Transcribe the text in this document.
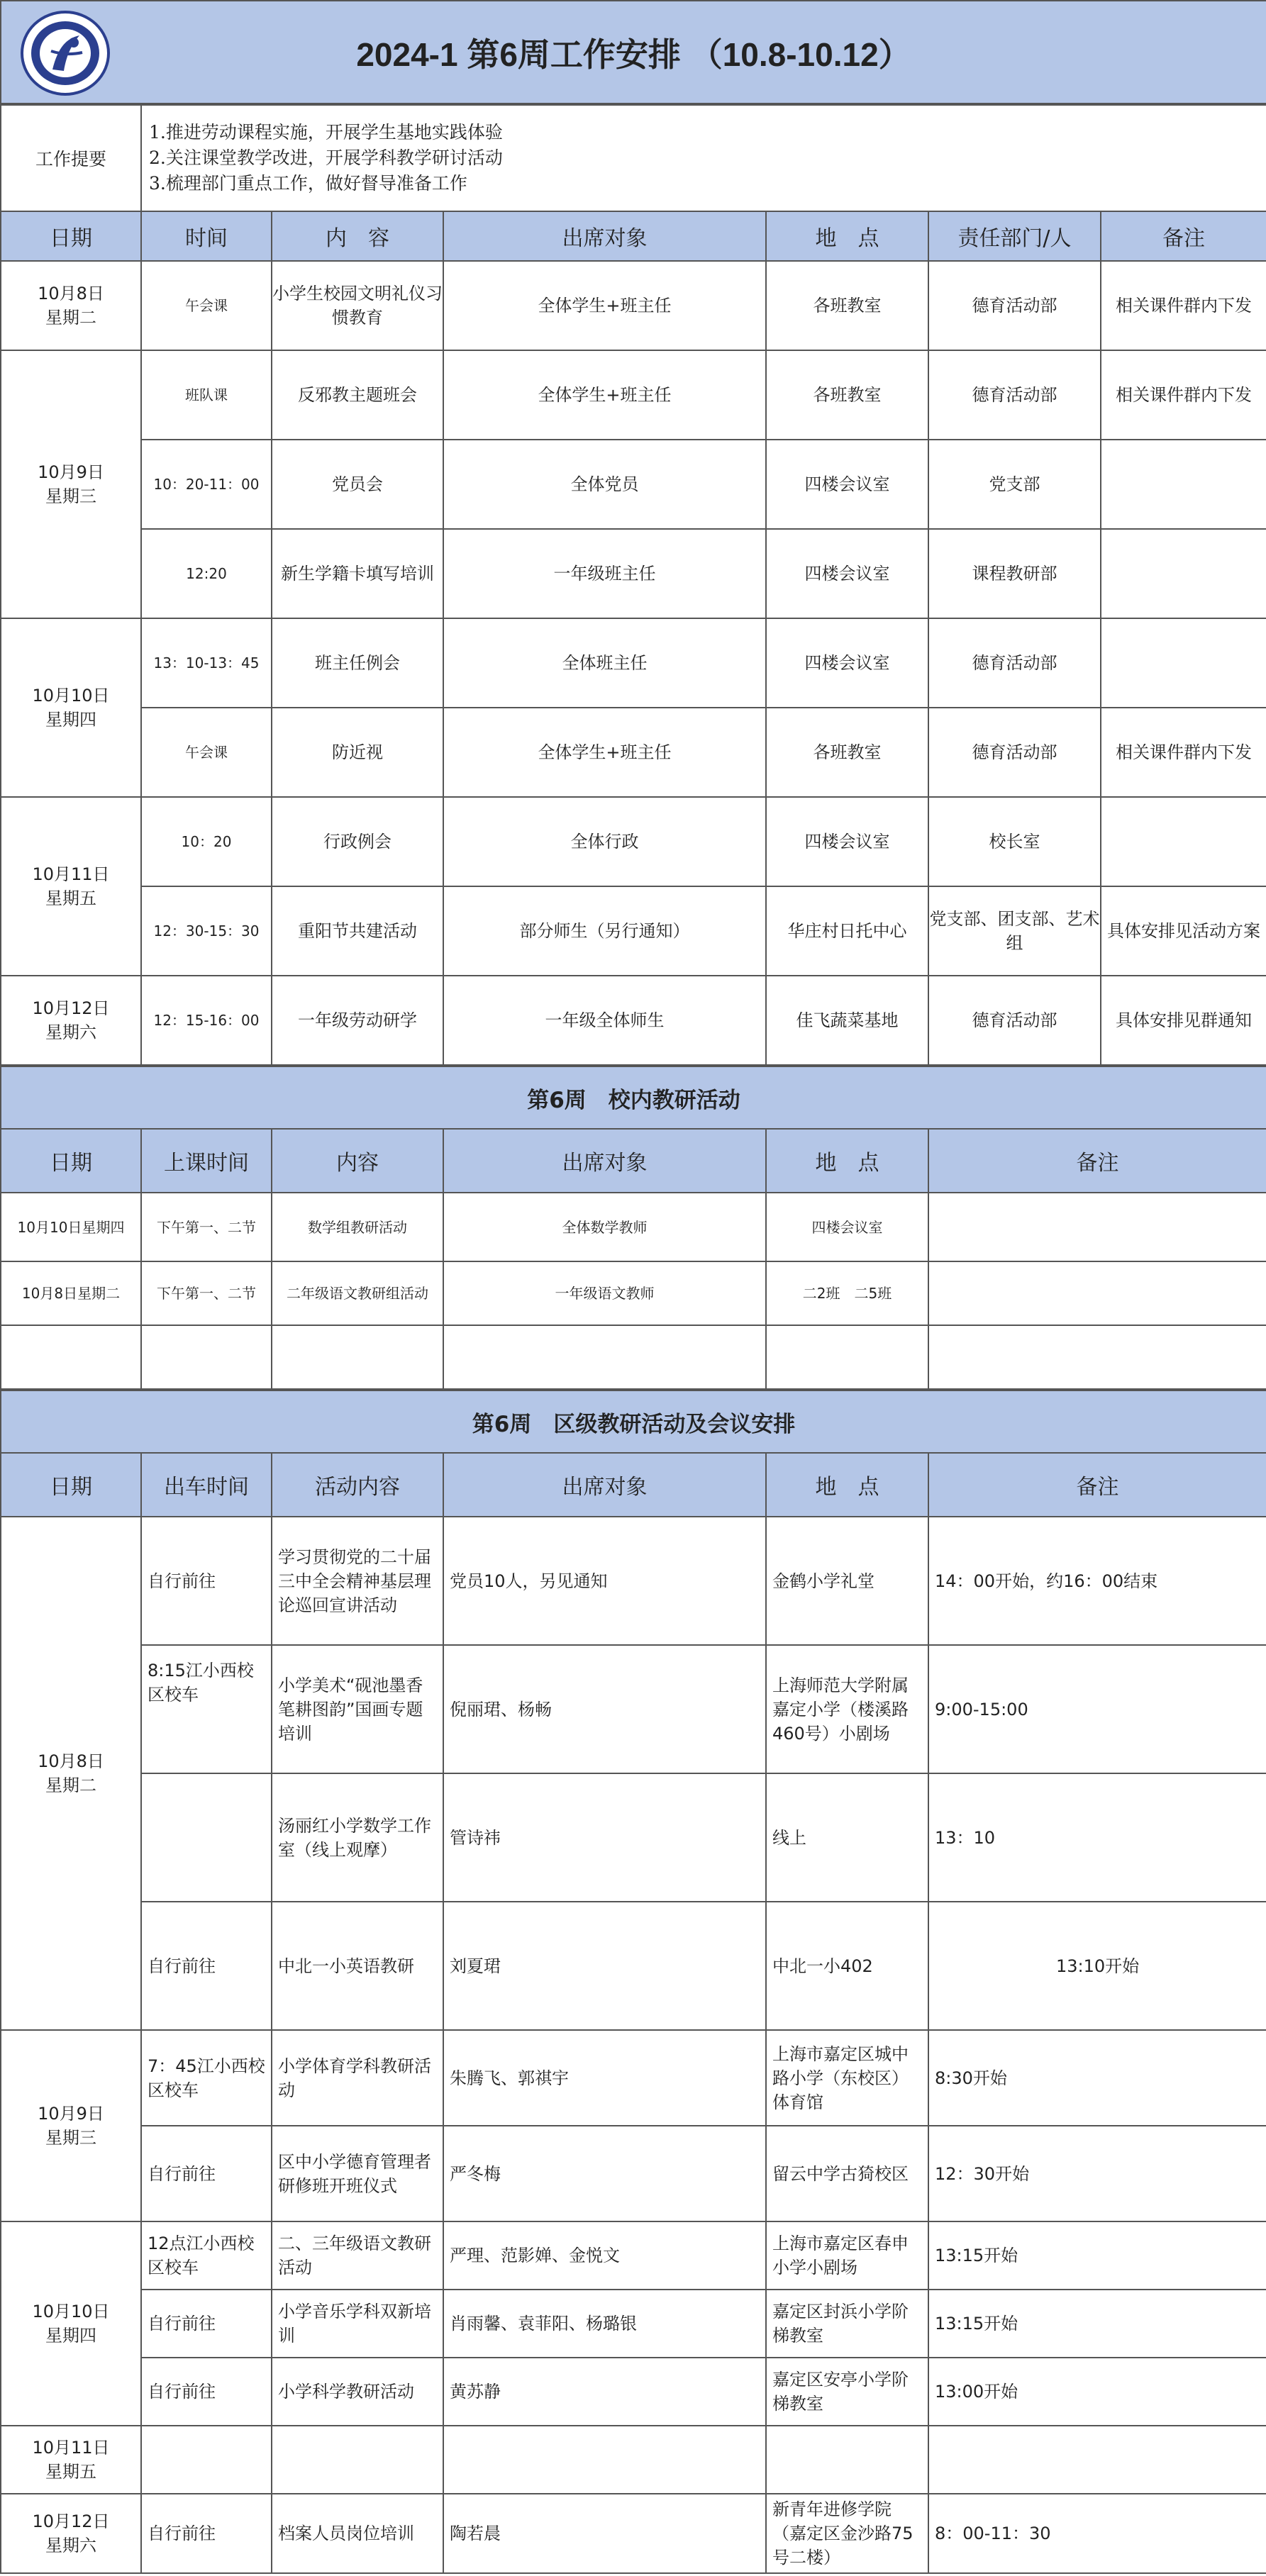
2024-1 第6周工作安排 （10.8-10.12）
工作提要	1.推进劳动课程实施，开展学生基地实践体验
2.关注课堂教学改进，开展学科教学研讨活动
3.梳理部门重点工作，做好督导准备工作					

日期	时间	内　容	出席对象	地　点	责任部门/人	备注

10月8日
星期二	午会课	小学生校园文明礼仪习惯教育	全体学生+班主任	各班教室	德育活动部	相关课件群内下发

10月9日
星期三	班队课	反邪教主题班会	全体学生+班主任	各班教室	德育活动部	相关课件群内下发
	10：20-11：00	党员会	全体党员	四楼会议室	党支部	
	12:20	新生学籍卡填写培训	一年级班主任	四楼会议室	课程教研部	

10月10日
星期四	13：10-13：45	班主任例会	全体班主任	四楼会议室	德育活动部	
	午会课	防近视	全体学生+班主任	各班教室	德育活动部	相关课件群内下发

10月11日
星期五	10：20	行政例会	全体行政	四楼会议室	校长室	
	12：30-15：30	重阳节共建活动	部分师生（另行通知）	华庄村日托中心	党支部、团支部、艺术组	具体安排见活动方案

10月12日
星期六	12：15-16：00	一年级劳动研学	一年级全体师生	佳飞蔬菜基地	德育活动部	具体安排见群通知
第6周　校内教研活动					
日期	上课时间	内容	出席对象	地　点	备注
10月10日星期四	下午第一、二节	数学组教研活动	全体数学教师	四楼会议室	
10月8日星期二	下午第一、二节	二年级语文教研组活动	一年级语文教师	二2班　二5班	

第6周　区级教研活动及会议安排					
日期	出车时间	活动内容	出席对象	地　点	备注

10月8日
星期二	自行前往	学习贯彻党的二十届三中全会精神基层理论巡回宣讲活动	党员10人，另见通知	金鹤小学礼堂	14：00开始，约16：00结束
	8:15江小西校区校车	小学美术“砚池墨香 笔耕图韵”国画专题培训	倪丽珺、杨畅	上海师范大学附属嘉定小学（楼溪路460号）小剧场	9:00-15:00
		汤丽红小学数学工作室（线上观摩）	管诗祎	线上	13：10
	自行前往	中北一小英语教研	刘夏珺	中北一小402	13:10开始

10月9日
星期三	7：45江小西校区校车	小学体育学科教研活动	朱腾飞、郭祺宇	上海市嘉定区城中路小学（东校区）体育馆	8:30开始
	自行前往	区中小学德育管理者研修班开班仪式	严冬梅	留云中学古猗校区	12：30开始

10月10日
星期四	12点江小西校区校车	二、三年级语文教研活动	严理、范影婵、金悦文	上海市嘉定区春申小学小剧场	13:15开始
	自行前往	小学音乐学科双新培训	肖雨馨、袁菲阳、杨璐银	嘉定区封浜小学阶梯教室	13:15开始
	自行前往	小学科学教研活动	黄苏静	嘉定区安亭小学阶梯教室	13:00开始

10月11日
星期五					

10月12日
星期六	自行前往	档案人员岗位培训	陶若晨	新青年进修学院（嘉定区金沙路75号二楼）	8：00-11：30
